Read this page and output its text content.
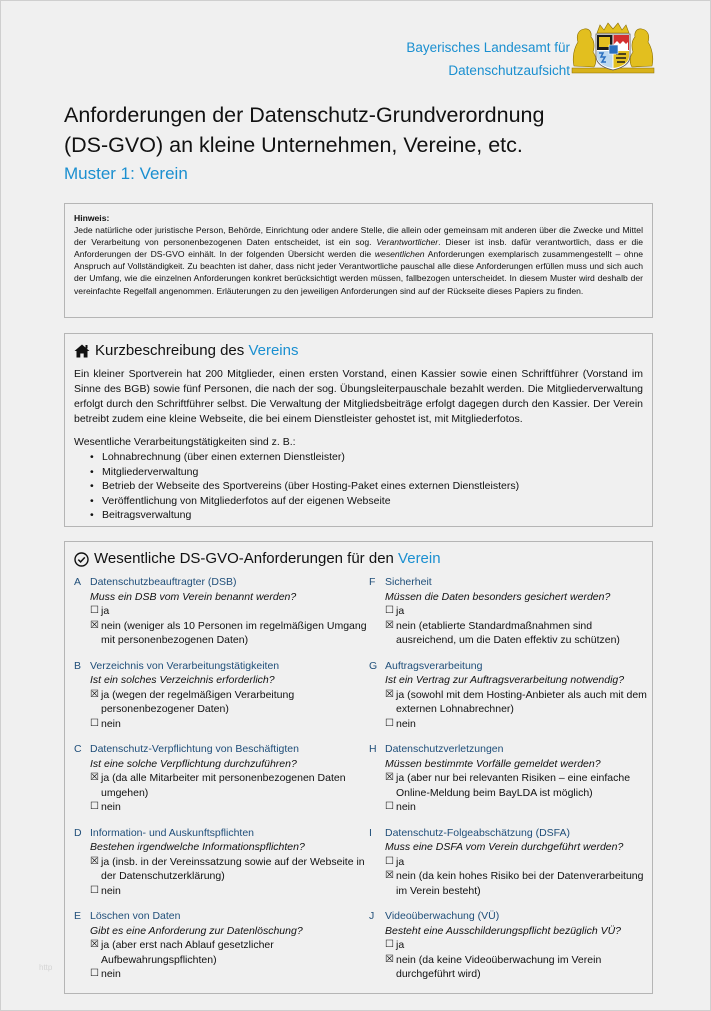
Bayerisches Landesamt für
Datenschutzaufsicht
Anforderungen der Datenschutz-Grundverordnung
(DS-GVO) an kleine Unternehmen, Vereine, etc.
Muster 1: Verein
Hinweis:

Jede natürliche oder juristische Person, Behörde, Einrichtung oder andere Stelle, die allein oder gemeinsam mit anderen über die Zwecke und Mittel der Verarbeitung von personenbezogenen Daten entscheidet, ist ein sog. Verantwortlicher. Dieser ist insb. dafür verantwortlich, dass er die Anforderungen der DS-GVO einhält. In der folgenden Übersicht werden die wesentlichen Anforderungen exemplarisch zusammengestellt – ohne Anspruch auf Vollständigkeit. Zu beachten ist daher, dass nicht jeder Verantwortliche pauschal alle diese Anforderungen erfüllen muss und sich auch der Umfang, wie die einzelnen Anforderungen konkret berücksichtigt werden müssen, fallbezogen unterscheidet. In diesem Muster wird deshalb der vereinfachte Regelfall angenommen. Erläuterungen zu den jeweiligen Anforderungen sind auf der Rückseite dieses Papiers zu finden.

Kurzbeschreibung des Vereins

Ein kleiner Sportverein hat 200 Mitglieder, einen ersten Vorstand, einen Kassier sowie einen Schriftführer (Vorstand im Sinne des BGB) sowie fünf Personen, die nach der sog. Übungsleiterpauschale bezahlt werden. Die Mitgliederverwaltung erfolgt durch den Schriftführer selbst. Die Verwaltung der Mitgliedsbeiträge erfolgt dagegen durch den Kassier. Der Verein betreibt zudem eine kleine Webseite, die bei einem Dienstleister gehostet ist, mit Mitgliederfotos.

Wesentliche Verarbeitungstätigkeiten sind z. B.:

• Lohnabrechnung (über einen externen Dienstleister)
• Mitgliederverwaltung
• Betrieb der Webseite des Sportvereins (über Hosting-Paket eines externen Dienstleisters)
• Veröffentlichung von Mitgliederfotos auf der eigenen Webseite
• Beitragsverwaltung
Wesentliche DS-GVO-Anforderungen für den Verein
A Datenschutzbeauftragter (DSB)
Muss ein DSB vom Verein benannt werden?
☐ ja
☒ nein (weniger als 10 Personen im regelmäßigen Umgang mit personenbezogenen Daten)
B Verzeichnis von Verarbeitungstätigkeiten
Ist ein solches Verzeichnis erforderlich?
☒ ja (wegen der regelmäßigen Verarbeitung personenbezogener Daten)
☐ nein
C Datenschutz-Verpflichtung von Beschäftigten
Ist eine solche Verpflichtung durchzuführen?
☒ ja (da alle Mitarbeiter mit personenbezogenen Daten umgehen)
☐ nein
D Information- und Auskunftspflichten
Bestehen irgendwelche Informationspflichten?
☒ ja (insb. in der Vereinssatzung sowie auf der Webseite in der Datenschutzerklärung)
☐ nein
E Löschen von Daten
Gibt es eine Anforderung zur Datenlöschung?
☒ ja (aber erst nach Ablauf gesetzlicher Aufbewahrungspflichten)
☐ nein
F Sicherheit
Müssen die Daten besonders gesichert werden?
☐ ja
☒ nein (etablierte Standardmaßnahmen sind ausreichend, um die Daten effektiv zu schützen)
G Auftragsverarbeitung
Ist ein Vertrag zur Auftragsverarbeitung notwendig?
☒ ja (sowohl mit dem Hosting-Anbieter als auch mit dem externen Lohnabrechner)
☐ nein
H Datenschutzverletzungen
Müssen bestimmte Vorfälle gemeldet werden?
☒ ja (aber nur bei relevanten Risiken – eine einfache Online-Meldung beim BayLDA ist möglich)
☐ nein
I	Datenschutz-Folgeabschätzung (DSFA)
Muss eine DSFA vom Verein durchgeführt werden?
☐ ja
☒ nein (da kein hohes Risiko bei der Datenverarbeitung im Verein besteht)
J	Videoüberwachung (VÜ)
Besteht eine Ausschilderungspflicht bezüglich VÜ?
☐ ja
☒ nein (da keine Videoüberwachung im Verein durchgeführt wird)
http
